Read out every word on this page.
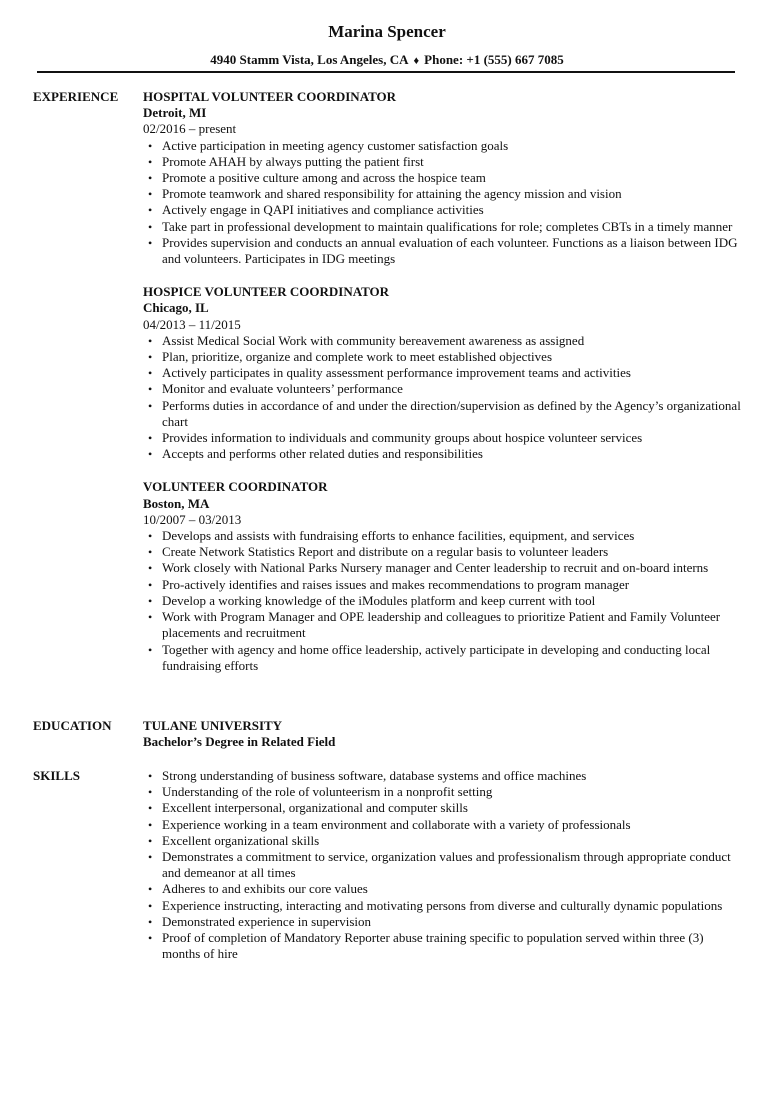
Marina Spencer
4940 Stamm Vista, Los Angeles, CA ♦ Phone: +1 (555) 667 7085
EXPERIENCE HOSPITAL VOLUNTEER COORDINATOR
Detroit, MI
02/2016 – present
• Active participation in meeting agency customer satisfaction goals
• Promote AHAH by always putting the patient first
• Promote a positive culture among and across the hospice team
• Promote teamwork and shared responsibility for attaining the agency mission and vision
• Actively engage in QAPI initiatives and compliance activities
• Take part in professional development to maintain qualifications for role; completes CBTs in a timely manner
• Provides supervision and conducts an annual evaluation of each volunteer. Functions as a liaison between IDG and volunteers. Participates in IDG meetings
HOSPICE VOLUNTEER COORDINATOR
Chicago, IL
04/2013 – 11/2015
• Assist Medical Social Work with community bereavement awareness as assigned
• Plan, prioritize, organize and complete work to meet established objectives
• Actively participates in quality assessment performance improvement teams and activities
• Monitor and evaluate volunteers’ performance
• Performs duties in accordance of and under the direction/supervision as defined by the Agency’s organizational chart
• Provides information to individuals and community groups about hospice volunteer services
• Accepts and performs other related duties and responsibilities
VOLUNTEER COORDINATOR
Boston, MA
10/2007 – 03/2013
• Develops and assists with fundraising efforts to enhance facilities, equipment, and services
• Create Network Statistics Report and distribute on a regular basis to volunteer leaders
• Work closely with National Parks Nursery manager and Center leadership to recruit and on-board interns
• Pro-actively identifies and raises issues and makes recommendations to program manager
• Develop a working knowledge of the iModules platform and keep current with tool
• Work with Program Manager and OPE leadership and colleagues to prioritize Patient and Family Volunteer placements and recruitment
• Together with agency and home office leadership, actively participate in developing and conducting local fundraising efforts
EDUCATION TULANE UNIVERSITY
Bachelor’s Degree in Related Field
SKILLS	• Strong understanding of business software, database systems and office machines
• Understanding of the role of volunteerism in a nonprofit setting
• Excellent interpersonal, organizational and computer skills
• Experience working in a team environment and collaborate with a variety of professionals
• Excellent organizational skills
• Demonstrates a commitment to service, organization values and professionalism through appropriate conduct and demeanor at all times
• Adheres to and exhibits our core values
• Experience instructing, interacting and motivating persons from diverse and culturally dynamic populations
• Demonstrated experience in supervision
• Proof of completion of Mandatory Reporter abuse training specific to population served within three (3) months of hire
